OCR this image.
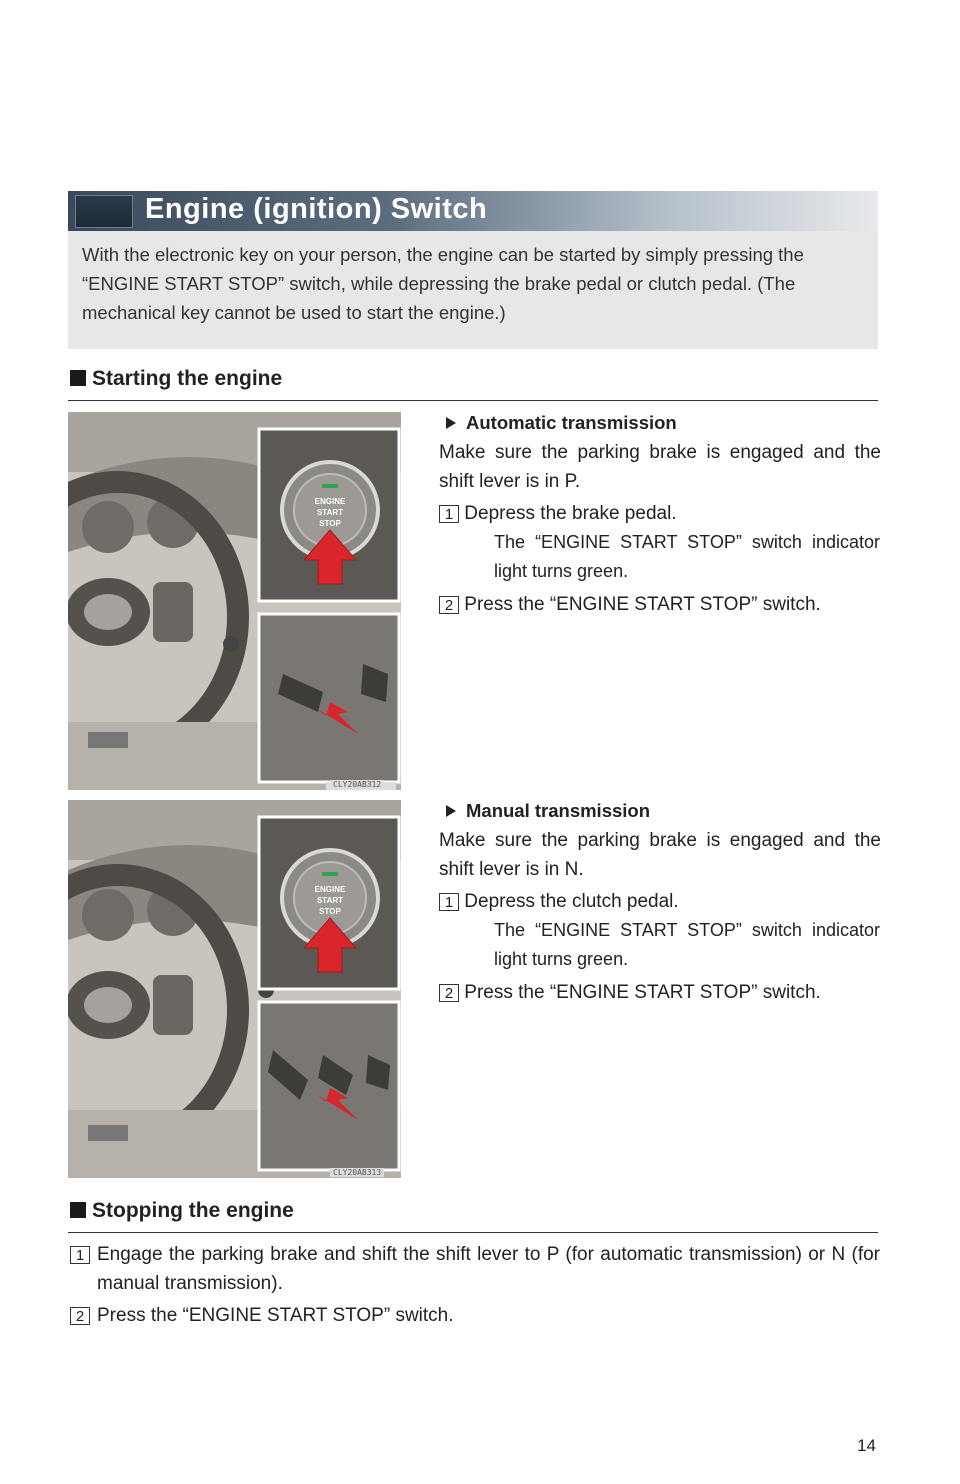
Engine (ignition) Switch
With the electronic key on your person, the engine can be started by simply pressing the “ENGINE START STOP” switch, while depressing the brake pedal or clutch pedal. (The mechanical key cannot be used to start the engine.)
Starting the engine
ENGINE
START
STOP
CLY20AB312
Automatic transmission
Make sure the parking brake is engaged and the shift lever is in P.
1 Depress the brake pedal.
The “ENGINE START STOP” switch indicator light turns green.
2 Press the “ENGINE START STOP” switch.
ENGINE
START
STOP
CLY20AB313
Manual transmission
Make sure the parking brake is engaged and the shift lever is in N.
1 Depress the clutch pedal.
The “ENGINE START STOP” switch indicator light turns green.
2 Press the “ENGINE START STOP” switch.
Stopping the engine
1 Engage the parking brake and shift the shift lever to P (for automatic transmission) or N (for manual transmission).
2 Press the “ENGINE START STOP” switch.
14
